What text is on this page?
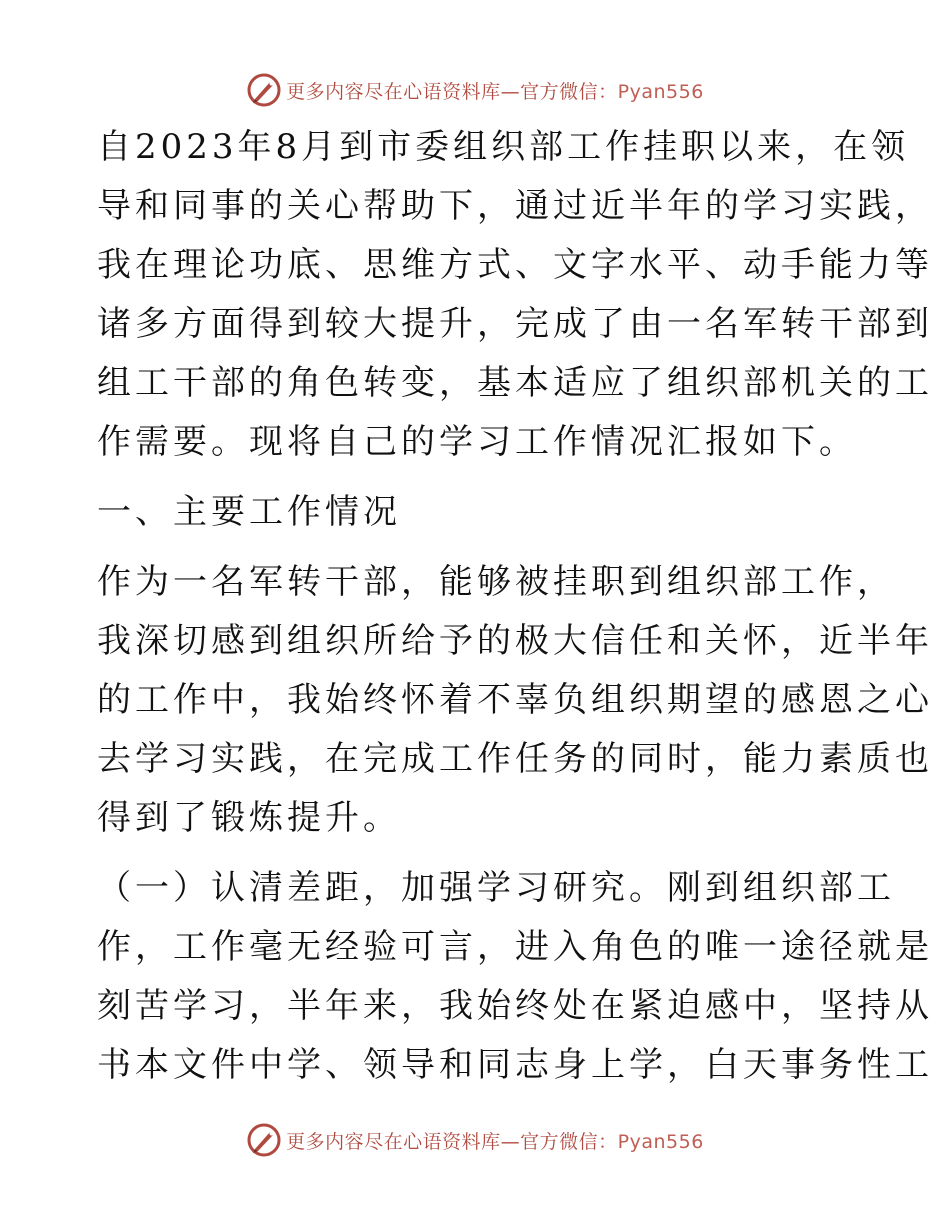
更多内容尽在心语资料库—官方微信：Pyan556

自2023年8月到市委组织部工作挂职以来，在领
导和同事的关心帮助下，通过近半年的学习实践，
我在理论功底、思维方式、文字水平、动手能力等
诸多方面得到较大提升，完成了由一名军转干部到
组工干部的角色转变，基本适应了组织部机关的工
作需要。现将自己的学习工作情况汇报如下。

一、主要工作情况

作为一名军转干部，能够被挂职到组织部工作，
我深切感到组织所给予的极大信任和关怀，近半年
的工作中，我始终怀着不辜负组织期望的感恩之心
去学习实践，在完成工作任务的同时，能力素质也
得到了锻炼提升。

（一）认清差距，加强学习研究。刚到组织部工
作，工作毫无经验可言，进入角色的唯一途径就是
刻苦学习，半年来，我始终处在紧迫感中，坚持从
书本文件中学、领导和同志身上学，白天事务性工

更多内容尽在心语资料库—官方微信：Pyan556
